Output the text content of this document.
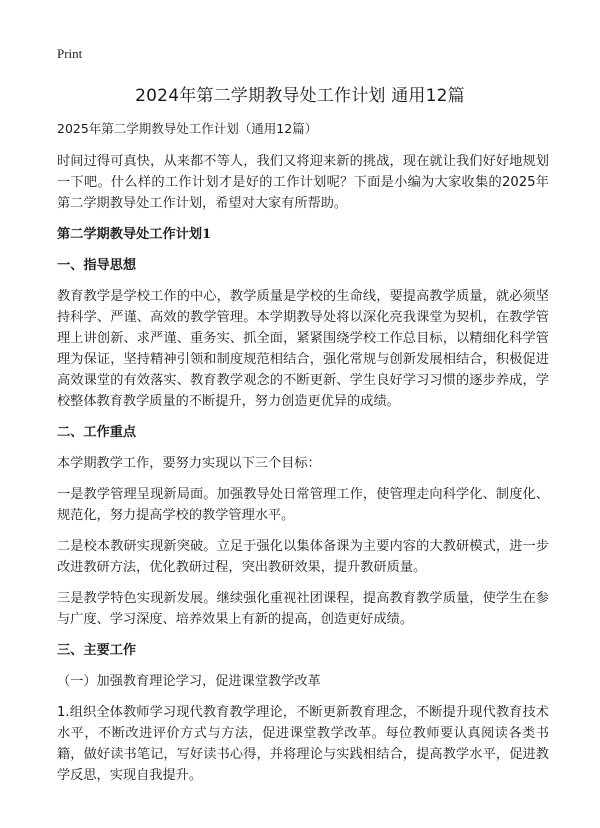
Print
2024年第二学期教导处工作计划 通用12篇

2025年第二学期教导处工作计划（通用12篇）

时间过得可真快，从来都不等人，我们又将迎来新的挑战，现在就让我们好好地规划一下吧。什么样的工作计划才是好的工作计划呢？下面是小编为大家收集的2025年第二学期教导处工作计划，希望对大家有所帮助。

第二学期教导处工作计划1

一、指导思想

教育教学是学校工作的中心，教学质量是学校的生命线，要提高教学质量，就必须坚持科学、严谨、高效的教学管理。本学期教导处将以深化亮我课堂为契机，在教学管理上讲创新、求严谨、重务实、抓全面，紧紧围绕学校工作总目标，以精细化科学管理为保证，坚持精神引领和制度规范相结合，强化常规与创新发展相结合，积极促进高效课堂的有效落实、教育教学观念的不断更新、学生良好学习习惯的逐步养成，学校整体教育教学质量的不断提升，努力创造更优异的成绩。

二、工作重点

本学期教学工作，要努力实现以下三个目标：

一是教学管理呈现新局面。加强教导处日常管理工作，使管理走向科学化、制度化、规范化，努力提高学校的教学管理水平。

二是校本教研实现新突破。立足于强化以集体备课为主要内容的大教研模式，进一步改进教研方法，优化教研过程，突出教研效果，提升教研质量。

三是教学特色实现新发展。继续强化重视社团课程，提高教育教学质量，使学生在参与广度、学习深度、培养效果上有新的提高，创造更好成绩。

三、主要工作

（一）加强教育理论学习，促进课堂教学改革

1.组织全体教师学习现代教育教学理论，不断更新教育理念，不断提升现代教育技术水平，不断改进评价方式与方法，促进课堂教学改革。每位教师要认真阅读各类书籍，做好读书笔记，写好读书心得，并将理论与实践相结合，提高教学水平，促进教学反思，实现自我提升。
